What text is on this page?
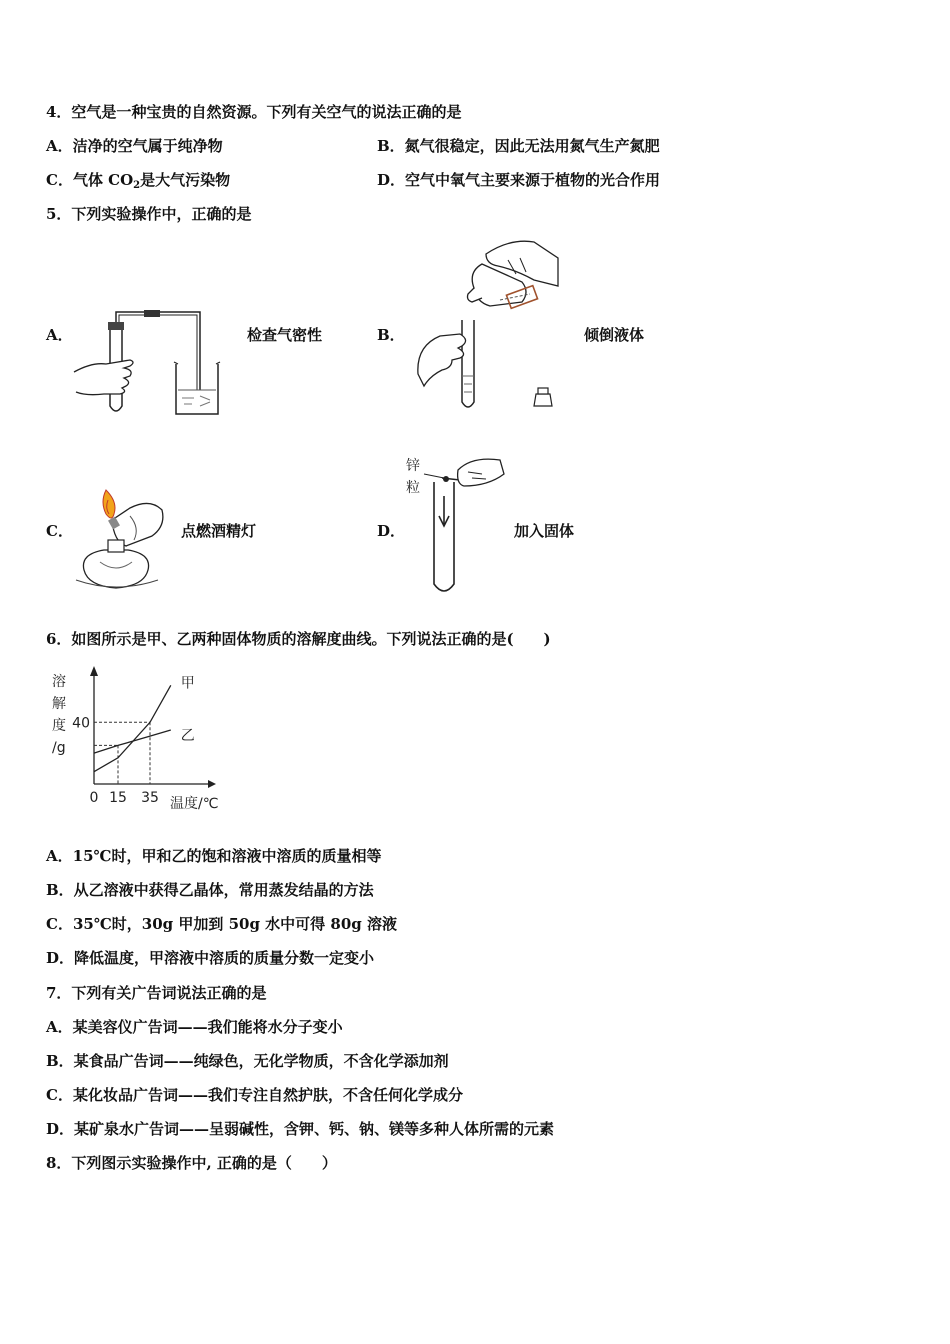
4．空气是一种宝贵的自然资源。下列有关空气的说法正确的是
A．洁净的空气属于纯净物	B．氮气很稳定，因此无法用氮气生产氮肥
C．气体 $CO_2$是大气污染物	D．空气中氧气主要来源于植物的光合作用
5．下列实验操作中，正确的是
A．	检查气密性	B．	倾倒液体
C．	点燃酒精灯	D．
锌
粒
加入固体
6．如图所示是甲、乙两种固体物质的溶解度曲线。下列说法正确的是(　　)
溶
解
度
/g
温度/℃
0 15 35
40
甲
乙
A．15℃时，甲和乙的饱和溶液中溶质的质量相等
B．从乙溶液中获得乙晶体，常用蒸发结晶的方法
C．35℃时，30g 甲加到 50g 水中可得 80g 溶液
D．降低温度，甲溶液中溶质的质量分数一定变小
7．下列有关广告词说法正确的是
A．某美容仪广告词——我们能将水分子变小
B．某食品广告词——纯绿色，无化学物质，不含化学添加剂
C．某化妆品广告词——我们专注自然护肤，不含任何化学成分
D．某矿泉水广告词——呈弱碱性，含钾、钙、钠、镁等多种人体所需的元素
8．下列图示实验操作中, 正确的是（　　）
